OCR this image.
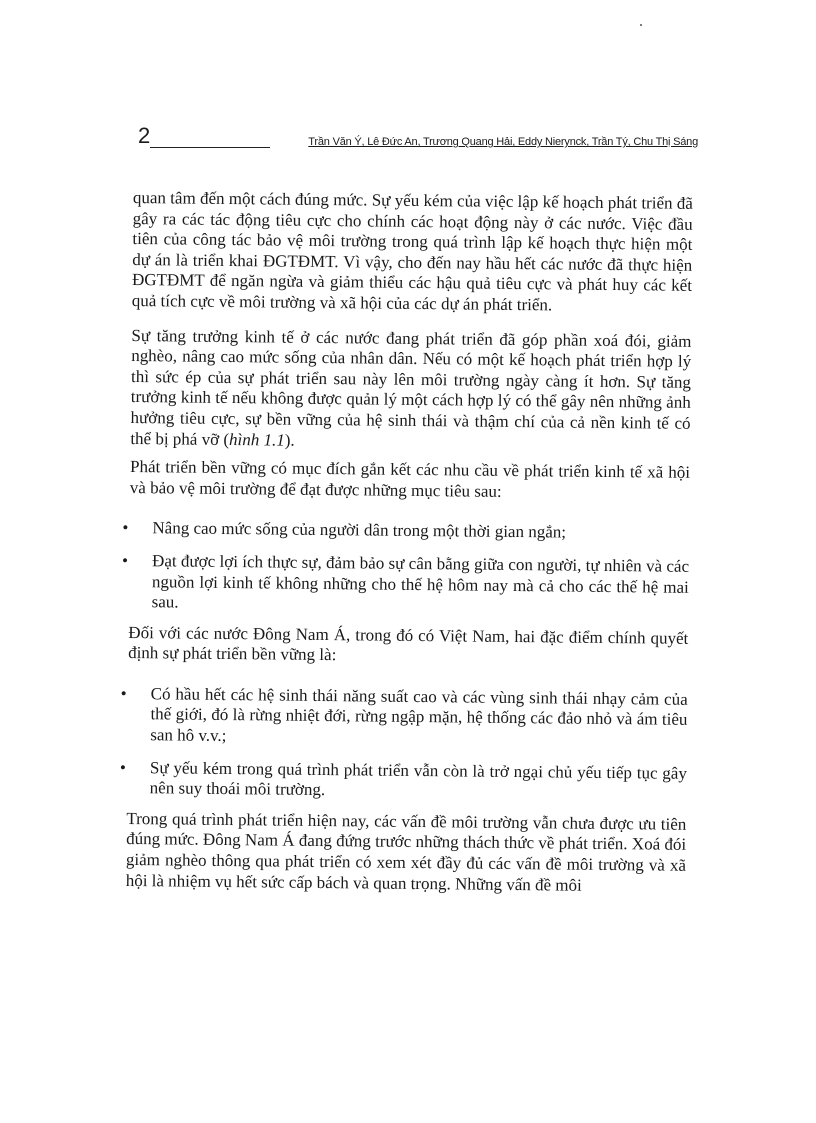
2	Trần Văn Ý, Lê Đức An, Trương Quang Hải, Eddy Nierynck, Trần Tý, Chu Thị Sáng

quan tâm đến một cách đúng mức. Sự yếu kém của việc lập kế hoạch phát triển đã gây ra các tác động tiêu cực cho chính các hoạt động này ở các nước. Việc đầu tiên của công tác bảo vệ môi trường trong quá trình lập kế hoạch thực hiện một dự án là triển khai ĐGTĐMT. Vì vậy, cho đến nay hầu hết các nước đã thực hiện ĐGTĐMT để ngăn ngừa và giảm thiểu các hậu quả tiêu cực và phát huy các kết quả tích cực về môi trường và xã hội của các dự án phát triển.

Sự tăng trưởng kinh tế ở các nước đang phát triển đã góp phần xoá đói, giảm nghèo, nâng cao mức sống của nhân dân. Nếu có một kế hoạch phát triển hợp lý thì sức ép của sự phát triển sau này lên môi trường ngày càng ít hơn. Sự tăng trưởng kinh tế nếu không được quản lý một cách hợp lý có thể gây nên những ảnh hưởng tiêu cực, sự bền vững của hệ sinh thái và thậm chí của cả nền kinh tế có thể bị phá vỡ (hình 1.1).

Phát triển bền vững có mục đích gắn kết các nhu cầu về phát triển kinh tế xã hội và bảo vệ môi trường để đạt được những mục tiêu sau:

• Nâng cao mức sống của người dân trong một thời gian ngắn;
• Đạt được lợi ích thực sự, đảm bảo sự cân bằng giữa con người, tự nhiên và các nguồn lợi kinh tế không những cho thế hệ hôm nay mà cả cho các thế hệ mai sau.

Đối với các nước Đông Nam Á, trong đó có Việt Nam, hai đặc điểm chính quyết định sự phát triển bền vững là:

• Có hầu hết các hệ sinh thái năng suất cao và các vùng sinh thái nhạy cảm của thế giới, đó là rừng nhiệt đới, rừng ngập mặn, hệ thống các đảo nhỏ và ám tiêu san hô v.v.;
• Sự yếu kém trong quá trình phát triển vẫn còn là trở ngại chủ yếu tiếp tục gây nên suy thoái môi trường.

Trong quá trình phát triển hiện nay, các vấn đề môi trường vẫn chưa được ưu tiên đúng mức. Đông Nam Á đang đứng trước những thách thức về phát triển. Xoá đói giảm nghèo thông qua phát triển có xem xét đầy đủ các vấn đề môi trường và xã hội là nhiệm vụ hết sức cấp bách và quan trọng. Những vấn đề môi
